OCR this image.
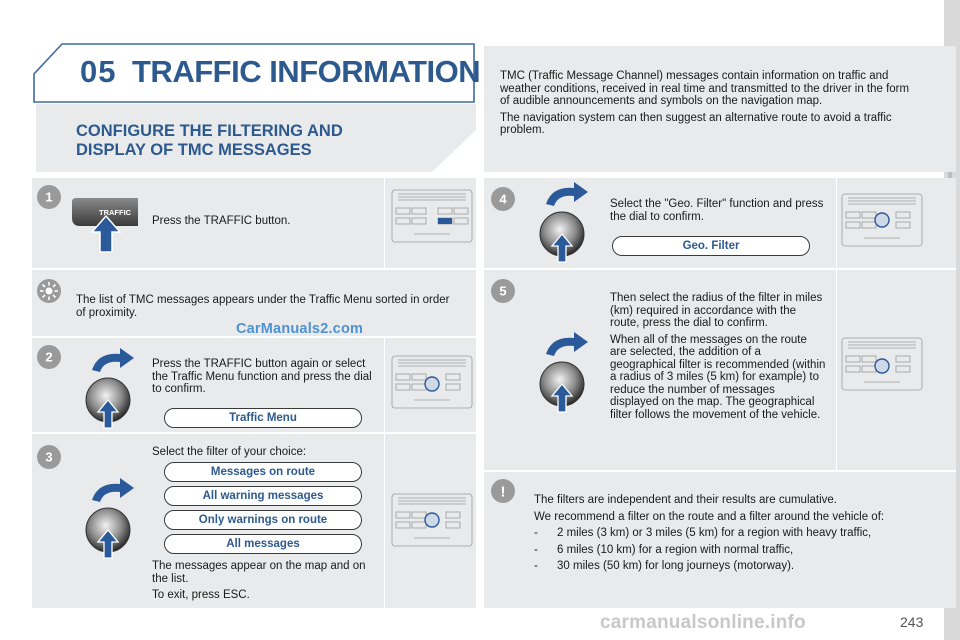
05 TRAFFIC INFORMATION
CONFIGURE THE FILTERING AND
DISPLAY OF TMC MESSAGES

TMC (Traffic Message Channel) messages contain information on traffic and weather conditions, received in real time and transmitted to the driver in the form of audible announcements and symbols on the navigation map.

The navigation system can then suggest an alternative route to avoid a traffic problem.

1
2
3
4
5
!
TRAFFIC
Press the TRAFFIC button.
The list of TMC messages appears under the Traffic Menu sorted in order of proximity.
CarManuals2.com
Press the TRAFFIC button again or select the Traffic Menu function and press the dial to confirm.
Traffic Menu
Select the filter of your choice:
Messages on route
All warning messages
Only warnings on route
All messages

The messages appear on the map and on the list.

To exit, press ESC.

Select the "Geo. Filter" function and press the dial to confirm.
Geo. Filter

Then select the radius of the filter in miles (km) required in accordance with the route, press the dial to confirm.

When all of the messages on the route are selected, the addition of a geographical filter is recommended (within a radius of 3 miles (5 km) for example) to reduce the number of messages displayed on the map. The geographical filter follows the movement of the vehicle.

The filters are independent and their results are cumulative.

We recommend a filter on the route and a filter around the vehicle of:

- 2 miles (3 km) or 3 miles (5 km) for a region with heavy traffic,
- 6 miles (10 km) for a region with normal traffic,
- 30 miles (50 km) for long journeys (motorway).
carmanualsonline.info	243
